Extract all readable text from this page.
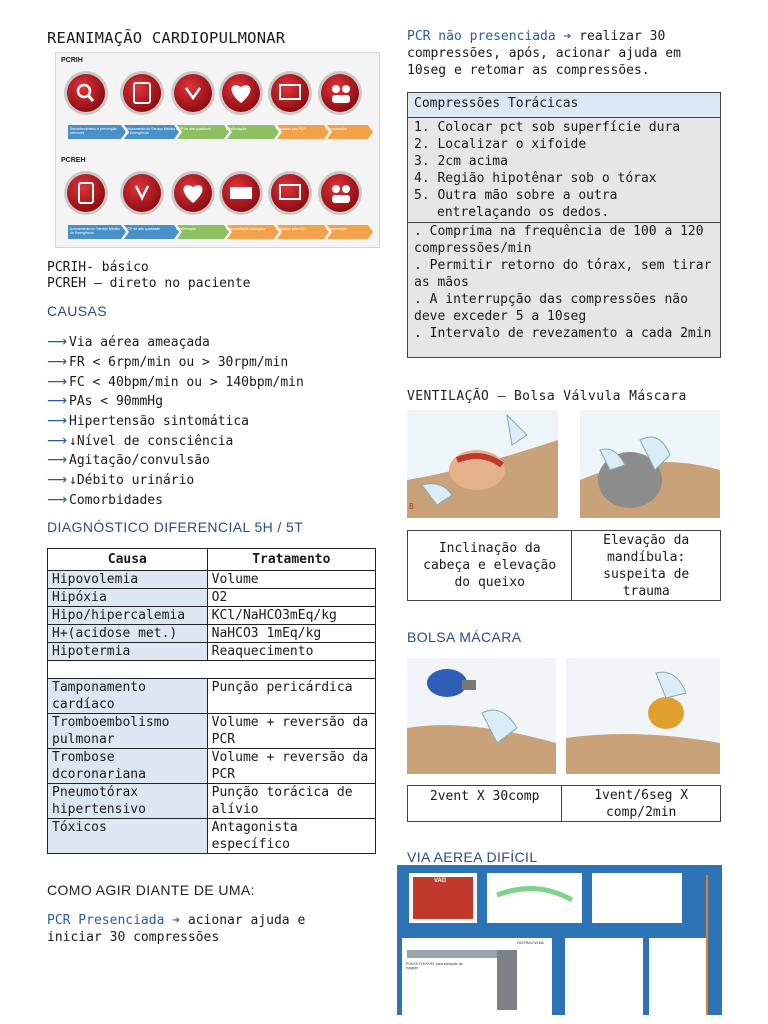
REANIMAÇÃO CARDIOPULMONAR
PCRIH
PCREH
Reconhecimento e prevenção precoces
Acionamento do Serviço Médico de Emergência
RCP de alta qualidade	Desfibrilação	Cuidados pós-PCR	Recuperação
Acionamento do Serviço Médico de Emergência
RCP de alta qualidade	Desfibrilação	Ressuscitação avançada	Cuidados pós-PCR	Recuperação
PCRIH- básico
PCREH – direto no paciente
CAUSAS
⟶ Via aérea ameaçada
⟶ FR < 6rpm/min ou > 30rpm/min
⟶ FC < 40bpm/min ou > 140bpm/min
⟶ PAs < 90mmHg
⟶ Hipertensão sintomática
⟶ ↓Nível de consciência
⟶ Agitação/convulsão
⟶ ↓Débito urinário
⟶ Comorbidades
DIAGNÓSTICO DIFERENCIAL 5H / 5T
Causa	Tratamento
Hipovolemia	Volume
Hipóxia	O2
Hipo/hipercalemia	KCl/NaHCO3mEq/kg
H+(acidose met.)	NaHCO3 1mEq/kg
Hipotermia	Reaquecimento

Tamponamento cardíaco	Punção pericárdica
Tromboembolismo pulmonar	Volume + reversão da PCR
Trombose dcoronariana	Volume + reversão da PCR
Pneumotórax hipertensivo	Punção torácica de alívio
Tóxicos	Antagonista específico
COMO AGIR DIANTE DE UMA:
PCR Presenciada ➔ acionar ajuda e iniciar 30 compressões
PCR não presenciada ➔ realizar 30 compressões, após, acionar ajuda em 10seg e retomar as compressões.
Compressões Torácicas
1. Colocar pct sob superfície dura
2. Localizar o xifoide
3. 2cm acima
4. Região hipotênar sob o tórax
5. Outra mão sobre a outra
entrelaçando os dedos.
. Comprima na frequência de 100 a 120 compressões/min
. Permitir retorno do tórax, sem tirar as mãos
. A interrupção das compressões não deve exceder 5 a 10seg
. Intervalo de revezamento a cada 2min
VENTILAÇÃO – Bolsa Válvula Máscara
B
Inclinação da cabeça e elevação do queixo	Elevação da mandíbula: suspeita de trauma
BOLSA MÁCARA
2vent X 30comp	1vent/6seg X comp/2min
VIA AEREA DIFÍCIL
VAD
PONTA FLEXÍVEL para elevação da epiglote
FASTRACH/LMA
